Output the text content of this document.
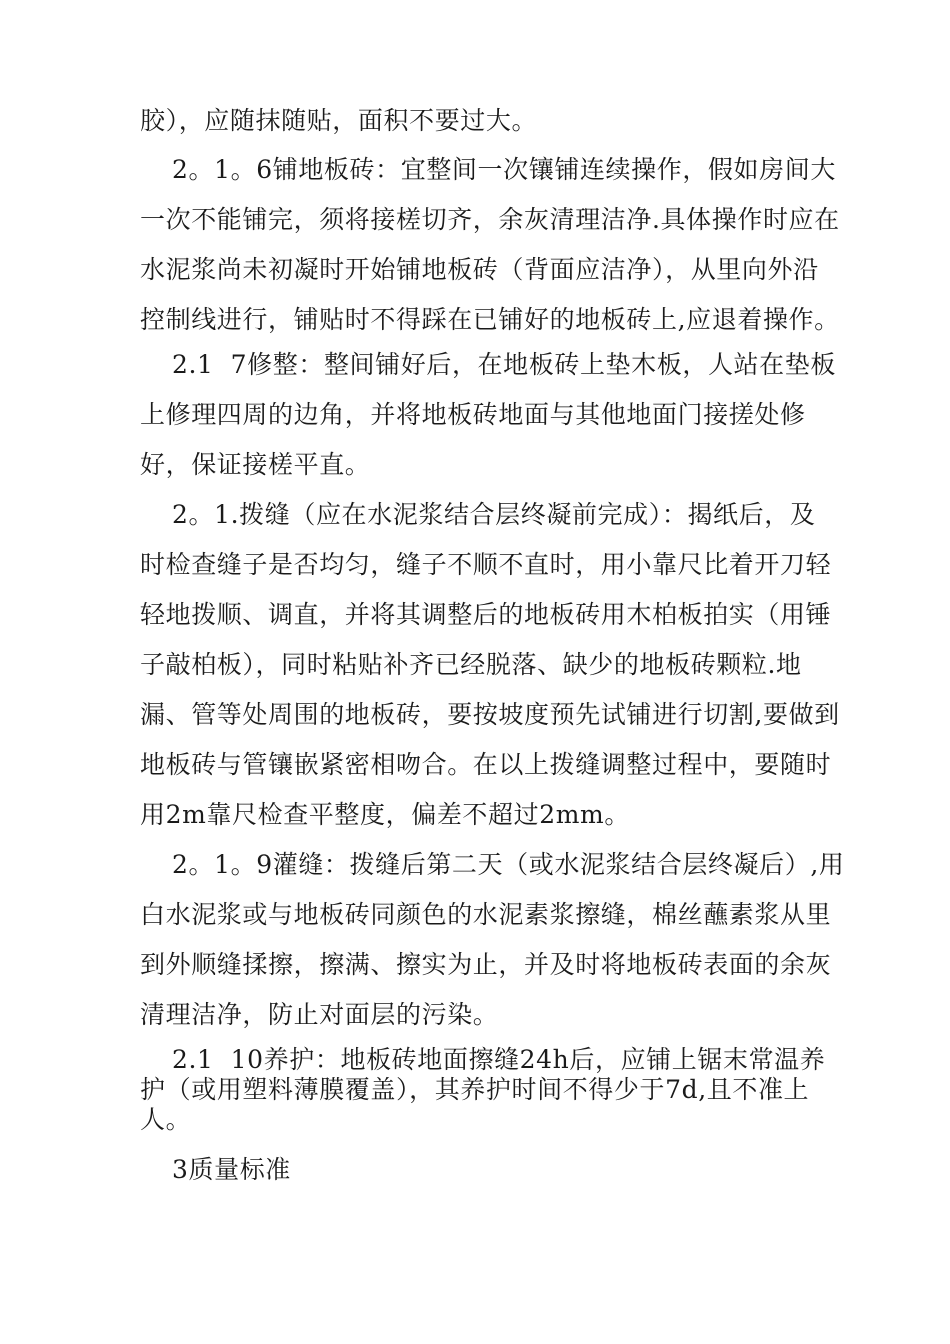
胶），应随抹随贴，面积不要过大。
2。1。6铺地板砖：宜整间一次镶铺连续操作，假如房间大
一次不能铺完，须将接槎切齐，余灰清理洁净.具体操作时应在
水泥浆尚未初凝时开始铺地板砖（背面应洁净），从里向外沿
控制线进行，铺贴时不得踩在已铺好的地板砖上,应退着操作。
2.1  7修整：整间铺好后，在地板砖上垫木板，人站在垫板
上修理四周的边角，并将地板砖地面与其他地面门接搓处修
好，保证接槎平直。
2。1.拨缝（应在水泥浆结合层终凝前完成）：揭纸后，及
时检查缝子是否均匀，缝子不顺不直时，用小靠尺比着开刀轻
轻地拨顺、调直，并将其调整后的地板砖用木柏板拍实（用锤
子敲柏板），同时粘贴补齐已经脱落、缺少的地板砖颗粒.地
漏、管等处周围的地板砖，要按坡度预先试铺进行切割,要做到
地板砖与管镶嵌紧密相吻合。在以上拨缝调整过程中，要随时
用2m靠尺检查平整度，偏差不超过2mm。
2。1。9灌缝：拨缝后第二天（或水泥浆结合层终凝后）,用
白水泥浆或与地板砖同颜色的水泥素浆擦缝，棉丝蘸素浆从里
到外顺缝揉擦，擦满、擦实为止，并及时将地板砖表面的余灰
清理洁净，防止对面层的污染。
2.1  10养护：地板砖地面擦缝24h后，应铺上锯末常温养
护（或用塑料薄膜覆盖），其养护时间不得少于7d,且不准上
人。
3质量标准
